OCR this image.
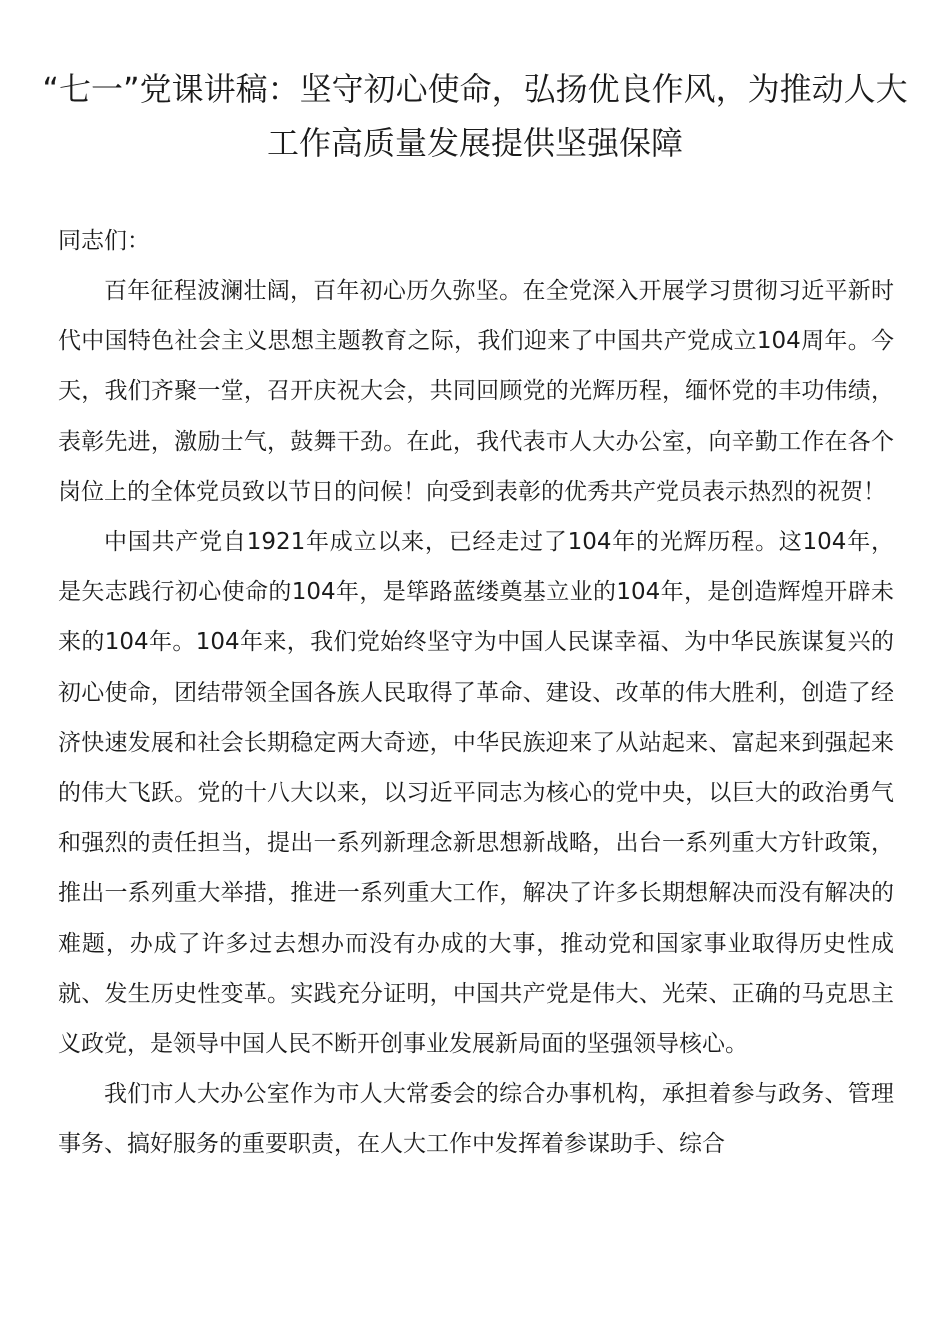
“七一”党课讲稿：坚守初心使命，弘扬优良作风，为推动人大工作高质量发展提供坚强保障

同志们：

百年征程波澜壮阔，百年初心历久弥坚。在全党深入开展学习贯彻习近平新时代中国特色社会主义思想主题教育之际，我们迎来了中国共产党成立104周年。今天，我们齐聚一堂，召开庆祝大会，共同回顾党的光辉历程，缅怀党的丰功伟绩，表彰先进，激励士气，鼓舞干劲。在此，我代表市人大办公室，向辛勤工作在各个岗位上的全体党员致以节日的问候！向受到表彰的优秀共产党员表示热烈的祝贺！

中国共产党自1921年成立以来，已经走过了104年的光辉历程。这104年，是矢志践行初心使命的104年，是筚路蓝缕奠基立业的104年，是创造辉煌开辟未来的104年。104年来，我们党始终坚守为中国人民谋幸福、为中华民族谋复兴的初心使命，团结带领全国各族人民取得了革命、建设、改革的伟大胜利，创造了经济快速发展和社会长期稳定两大奇迹，中华民族迎来了从站起来、富起来到强起来的伟大飞跃。党的十八大以来，以习近平同志为核心的党中央，以巨大的政治勇气和强烈的责任担当，提出一系列新理念新思想新战略，出台一系列重大方针政策，推出一系列重大举措，推进一系列重大工作，解决了许多长期想解决而没有解决的难题，办成了许多过去想办而没有办成的大事，推动党和国家事业取得历史性成就、发生历史性变革。实践充分证明，中国共产党是伟大、光荣、正确的马克思主义政党，是领导中国人民不断开创事业发展新局面的坚强领导核心。

我们市人大办公室作为市人大常委会的综合办事机构，承担着参与政务、管理事务、搞好服务的重要职责，在人大工作中发挥着参谋助手、综合
